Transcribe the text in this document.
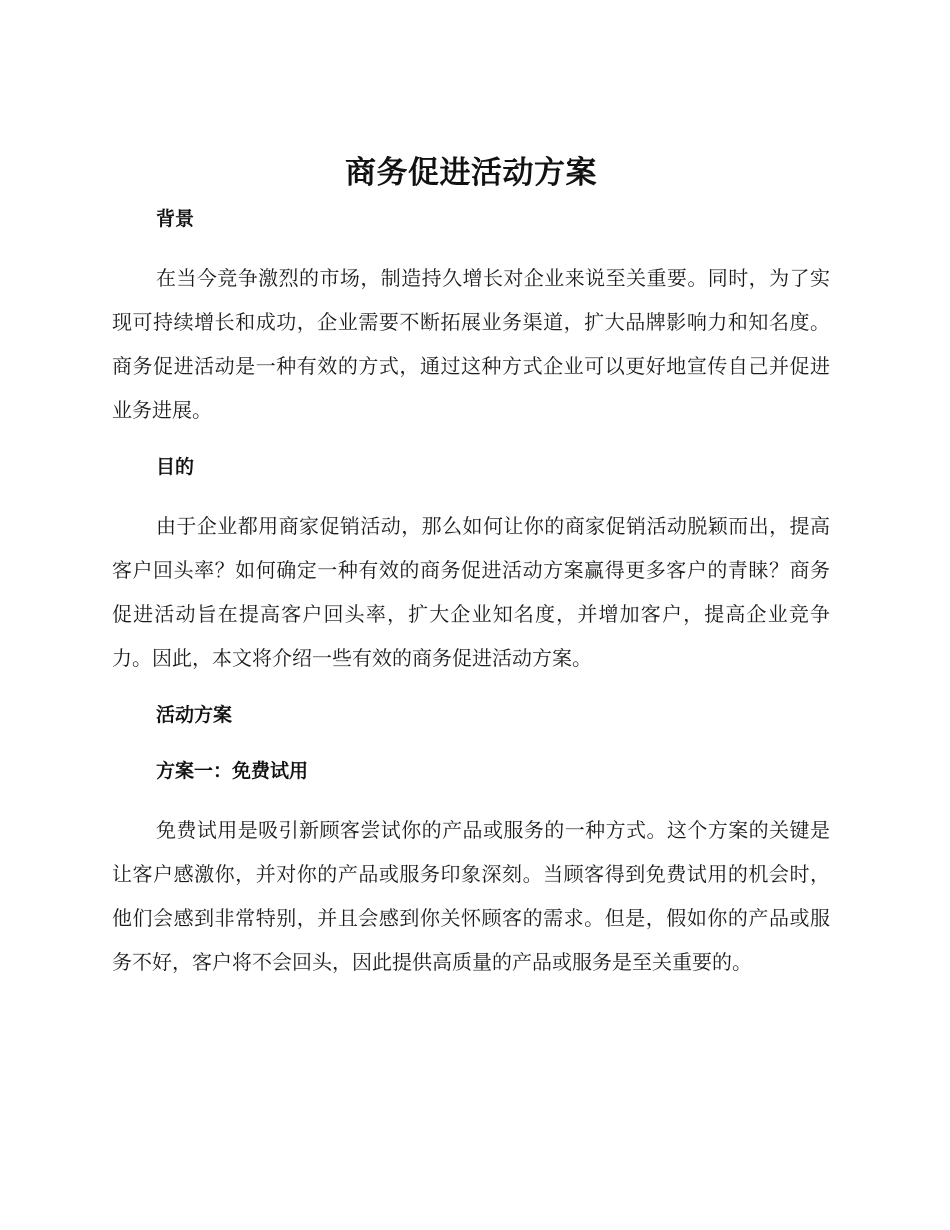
商务促进活动方案
背景

在当今竞争激烈的市场，制造持久增长对企业来说至关重要。同时，为了实现可持续增长和成功，企业需要不断拓展业务渠道，扩大品牌影响力和知名度。商务促进活动是一种有效的方式，通过这种方式企业可以更好地宣传自己并促进业务进展。

目的

由于企业都用商家促销活动，那么如何让你的商家促销活动脱颖而出，提高客户回头率？如何确定一种有效的商务促进活动方案赢得更多客户的青睐？商务促进活动旨在提高客户回头率，扩大企业知名度，并增加客户，提高企业竞争力。因此，本文将介绍一些有效的商务促进活动方案。

活动方案
方案一：免费试用

免费试用是吸引新顾客尝试你的产品或服务的一种方式。这个方案的关键是让客户感激你，并对你的产品或服务印象深刻。当顾客得到免费试用的机会时，他们会感到非常特别，并且会感到你关怀顾客的需求。但是，假如你的产品或服务不好，客户将不会回头，因此提供高质量的产品或服务是至关重要的。
